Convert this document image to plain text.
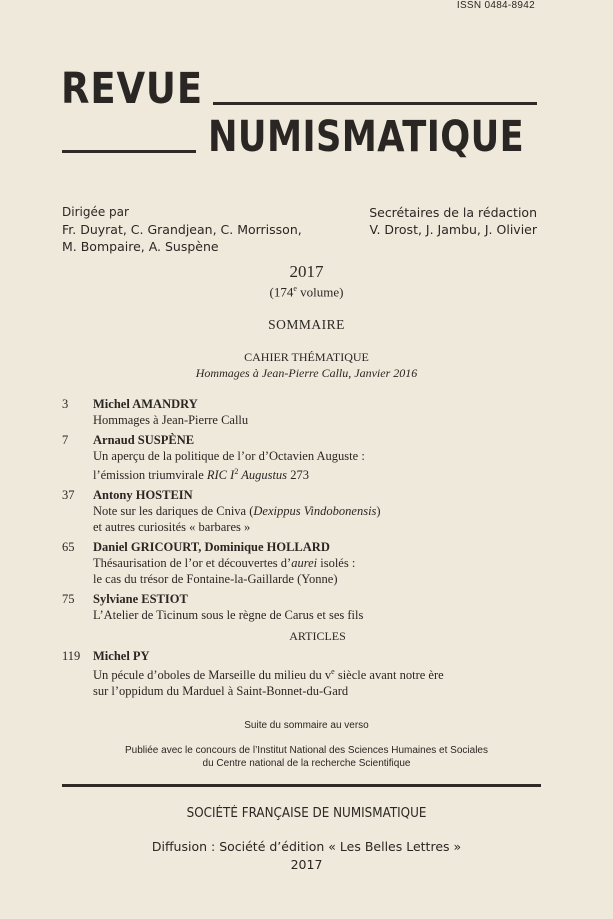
ISSN 0484-8942
REVUE
NUMISMATIQUE
Dirigée par
Fr. Duyrat, C. Grandjean, C. Morrisson,
M. Bompaire, A. Suspène
Secrétaires de la rédaction
V. Drost, J. Jambu, J. Olivier
2017
(174e volume)
SOMMAIRE
CAHIER THÉMATIQUE
Hommages à Jean-Pierre Callu, Janvier 2016
3	Michel AMANDRY
Hommages à Jean-Pierre Callu
7	Arnaud SUSPÈNE
Un aperçu de la politique de l’or d’Octavien Auguste :
l’émission triumvirale RIC $I^2$ Augustus 273
37	Antony HOSTEIN
Note sur les dariques de Cniva (Dexippus Vindobonensis)
et autres curiosités « barbares »
65	Daniel GRICOURT, Dominique HOLLARD
Thésaurisation de l’or et découvertes d’aurei isolés :
le cas du trésor de Fontaine-la-Gaillarde (Yonne)
75	Sylviane ESTIOT
L’Atelier de Ticinum sous le règne de Carus et ses fils
ARTICLES
119	Michel PY
Un pécule d’oboles de Marseille du milieu du $v^e$ siècle avant notre ère
sur l’oppidum du Marduel à Saint-Bonnet-du-Gard
Suite du sommaire au verso
Publiée avec le concours de l’Institut National des Sciences Humaines et Sociales
du Centre national de la recherche Scientifique
SOCIÉTÉ FRANÇAISE DE NUMISMATIQUE
Diffusion : Société d’édition « Les Belles Lettres »
2017
